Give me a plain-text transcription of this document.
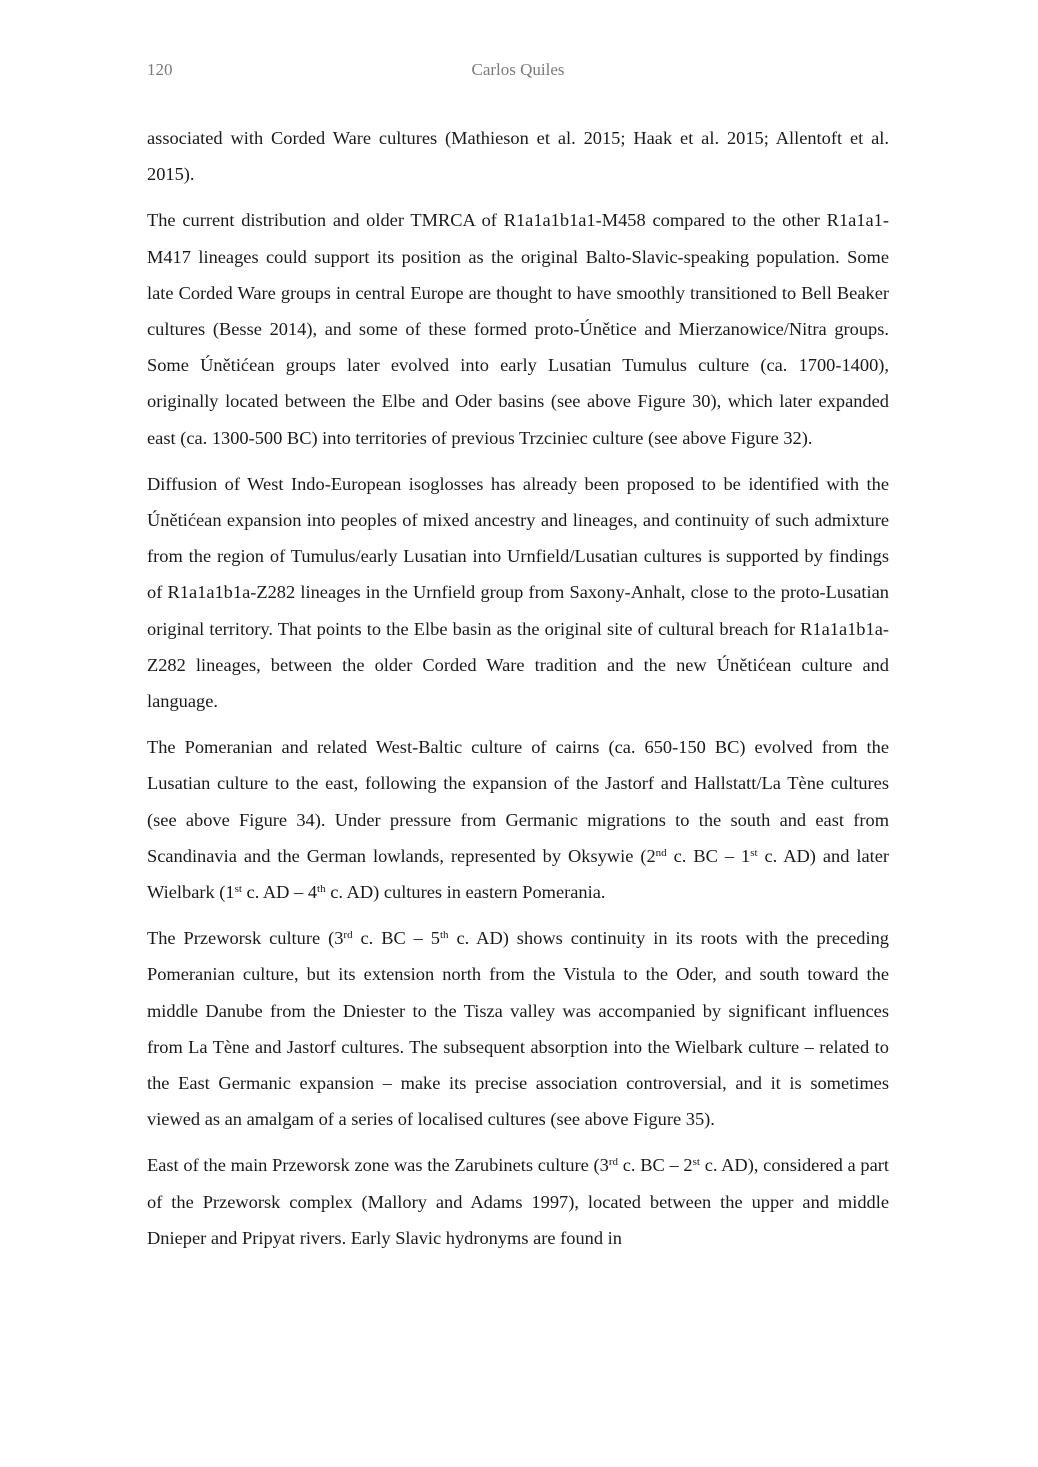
120	Carlos Quiles

associated with Corded Ware cultures (Mathieson et al. 2015; Haak et al. 2015; Allentoft et al. 2015).

The current distribution and older TMRCA of R1a1a1b1a1-M458 compared to the other R1a1a1-M417 lineages could support its position as the original Balto-Slavic-speaking population. Some late Corded Ware groups in central Europe are thought to have smoothly transitioned to Bell Beaker cultures (Besse 2014), and some of these formed proto-Únětice and Mierzanowice/Nitra groups. Some Únětićean groups later evolved into early Lusatian Tumulus culture (ca. 1700-1400), originally located between the Elbe and Oder basins (see above Figure 30), which later expanded east (ca. 1300-500 BC) into territories of previous Trzciniec culture (see above Figure 32).

Diffusion of West Indo-European isoglosses has already been proposed to be identified with the Únětićean expansion into peoples of mixed ancestry and lineages, and continuity of such admixture from the region of Tumulus/early Lusatian into Urnfield/Lusatian cultures is supported by findings of R1a1a1b1a-Z282 lineages in the Urnfield group from Saxony-Anhalt, close to the proto-Lusatian original territory. That points to the Elbe basin as the original site of cultural breach for R1a1a1b1a-Z282 lineages, between the older Corded Ware tradition and the new Únětićean culture and language.

The Pomeranian and related West-Baltic culture of cairns (ca. 650-150 BC) evolved from the Lusatian culture to the east, following the expansion of the Jastorf and Hallstatt/La Tène cultures (see above Figure 34). Under pressure from Germanic migrations to the south and east from Scandinavia and the German lowlands, represented by Oksywie (2nd c. BC – 1st c. AD) and later Wielbark (1st c. AD – 4th c. AD) cultures in eastern Pomerania.

The Przeworsk culture (3rd c. BC – 5th c. AD) shows continuity in its roots with the preceding Pomeranian culture, but its extension north from the Vistula to the Oder, and south toward the middle Danube from the Dniester to the Tisza valley was accompanied by significant influences from La Tène and Jastorf cultures. The subsequent absorption into the Wielbark culture – related to the East Germanic expansion – make its precise association controversial, and it is sometimes viewed as an amalgam of a series of localised cultures (see above Figure 35).

East of the main Przeworsk zone was the Zarubinets culture (3rd c. BC – 2st c. AD), considered a part of the Przeworsk complex (Mallory and Adams 1997), located between the upper and middle Dnieper and Pripyat rivers. Early Slavic hydronyms are found in
